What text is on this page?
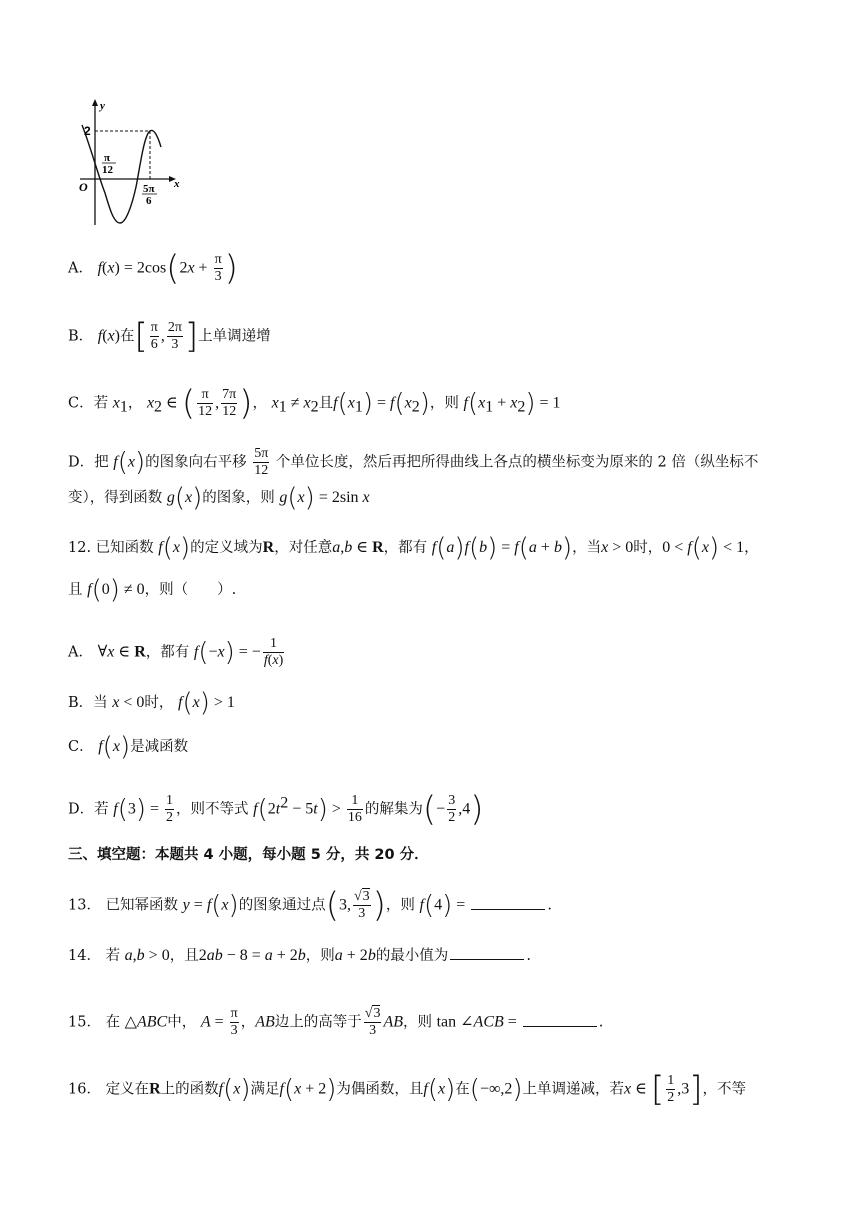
y
x
2
O
π
12
5π
6
A． $f(x) = 2\cos(2x + \frac{\pi}{3}$ )
B． f(x)在[ $\frac{\pi}{6}$ , $\frac{2\pi}{3}$ ]上单调递增
C．若 $x_1$， $x_2$ ∈ ( $\frac{\pi}{12}$ , $\frac{7\pi}{12}$ )， $x_1 \ne x_2$且$f(x_1) = f(x_2)$，则 $f(x_1 + x_2) = 1$
D．把 f(x)的图象向右平移 $\frac{5\pi}{12}$ 个单位长度，然后再把所得曲线上各点的横坐标变为原来的 2 倍（纵坐标不
变），得到函数 g(x)的图象，则 g(x) = 2sin x
12. 已知函数 f(x)的定义域为R，对任意a,b ∈ R，都有 f(a)f(b) = f(a + b)，当x > 0时，0 < f(x) < 1，
且 f(0) ≠ 0，则（　　）.
A． ∀x ∈ R，都有 f(−x) = − $\frac{1}{f(x)}$
B．当 x < 0时， f(x) > 1
C． f(x)是减函数
D．若 $f(3) = \frac{1}{2}$ ，则不等式 $f(2t^2 - 5t) > \frac{1}{16}$ 的解集为(− $\frac{3}{2} ,4$)
三、填空题：本题共 4 小题，每小题 5 分，共 20 分．
13． 已知幂函数 y = f(x)的图象通过点(3, $\frac{√3}{3}$ )，则 f(4) =	.
14． 若 a,b > 0，且2ab − 8 = a + 2b，则a + 2b的最小值为	.
15． 在 △ABC中， $A = \frac{\pi}{3}$ ，AB边上的高等于 $\frac{√3}{3}$ AB，则 tan ∠ACB =	.
16． 定义在R上的函数f(x)满足f(x + 2)为偶函数，且f(x)在(−∞,2)上单调递减，若x ∈ [ $\frac{1}{2} ,3$]，不等
